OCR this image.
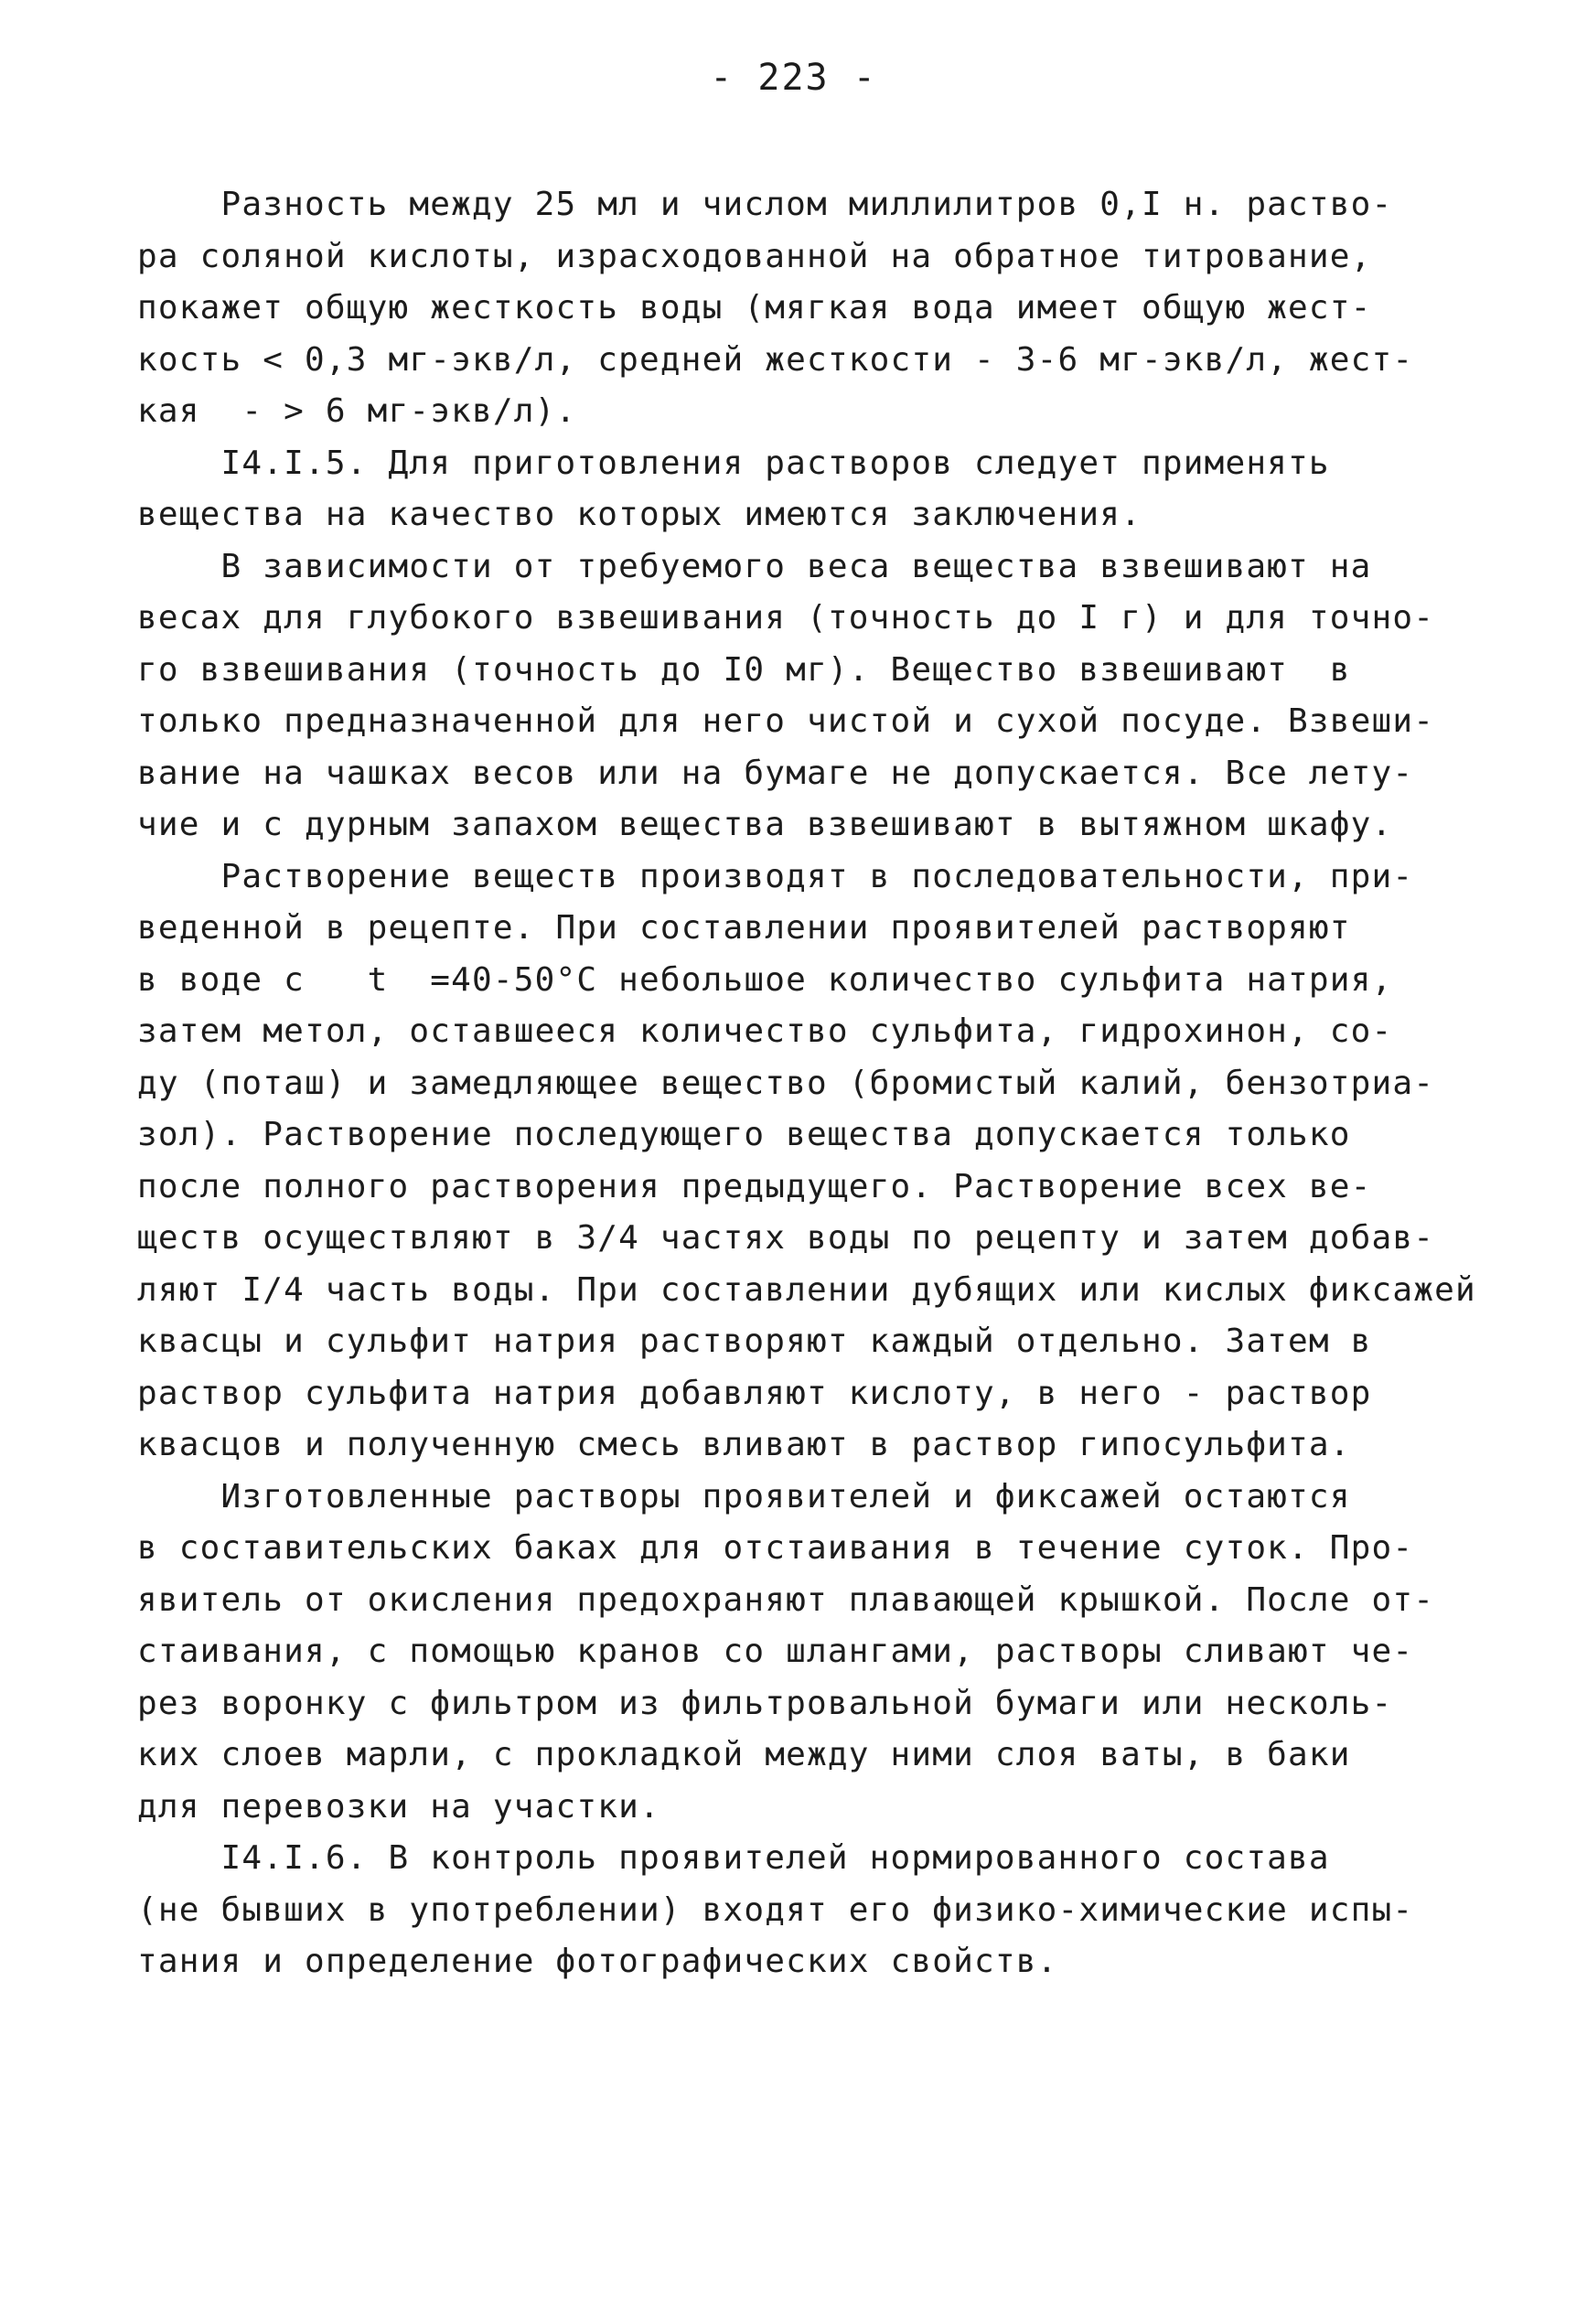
- 223 -
Разность между 25 мл и числом миллилитров 0,I н. раство-
ра соляной кислоты, израсходованной на обратное титрование,
покажет общую жесткость воды (мягкая вода имеет общую жест-
кость < 0,3 мг-экв/л, средней жесткости - 3-6 мг-экв/л, жест-
кая  - > 6 мг-экв/л).
I4.I.5. Для приготовления растворов следует применять
вещества на качество которых имеются заключения.
В зависимости от требуемого веса вещества взвешивают на
весах для глубокого взвешивания (точность до I г) и для точно-
го взвешивания (точность до I0 мг). Вещество взвешивают  в
только предназначенной для него чистой и сухой посуде. Взвеши-
вание на чашках весов или на бумаге не допускается. Все лету-
чие и с дурным запахом вещества взвешивают в вытяжном шкафу.
Растворение веществ производят в последовательности, при-
веденной в рецепте. При составлении проявителей растворяют
в воде с   t  =40-50°С небольшое количество сульфита натрия,
затем метол, оставшееся количество сульфита, гидрохинон, со-
ду (поташ) и замедляющее вещество (бромистый калий, бензотриа-
зол). Растворение последующего вещества допускается только
после полного растворения предыдущего. Растворение всех ве-
ществ осуществляют в 3/4 частях воды по рецепту и затем добав-
ляют I/4 часть воды. При составлении дубящих или кислых фиксажей
квасцы и сульфит натрия растворяют каждый отдельно. Затем в
раствор сульфита натрия добавляют кислоту, в него - раствор
квасцов и полученную смесь вливают в раствор гипосульфита.
Изготовленные растворы проявителей и фиксажей остаются
в составительских баках для отстаивания в течение суток. Про-
явитель от окисления предохраняют плавающей крышкой. После от-
стаивания, с помощью кранов со шлангами, растворы сливают че-
рез воронку с фильтром из фильтровальной бумаги или несколь-
ких слоев марли, с прокладкой между ними слоя ваты, в баки
для перевозки на участки.
I4.I.6. В контроль проявителей нормированного состава
(не бывших в употреблении) входят его физико-химические испы-
тания и определение фотографических свойств.
